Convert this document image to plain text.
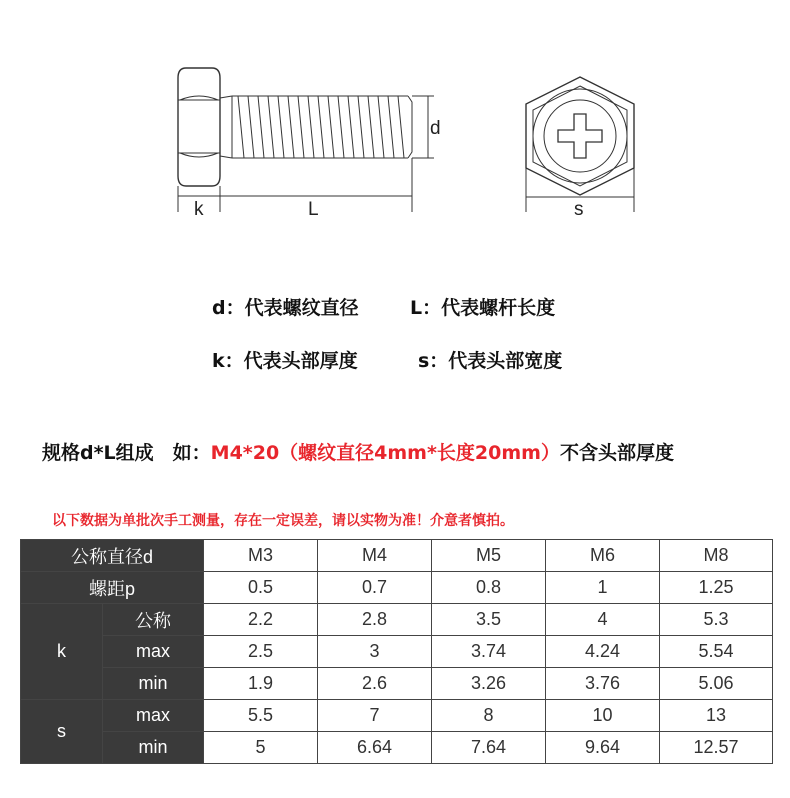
d
k	L	s
d：代表螺纹直径	L：代表螺杆长度
k：代表头部厚度	s：代表头部宽度
规格d*L组成　如：M4*20（螺纹直径4mm*长度20mm）不含头部厚度
以下数据为单批次手工测量，存在一定误差，请以实物为准！介意者慎拍。
公称直径d		M3	M4	M5	M6	M8
螺距p		0.5	0.7	0.8	1	1.25
k	公称	2.2	2.8	3.5	4	5.3
	max	2.5	3	3.74	4.24	5.54
	min	1.9	2.6	3.26	3.76	5.06
s	max	5.5	7	8	10	13
	min	5	6.64	7.64	9.64	12.57
